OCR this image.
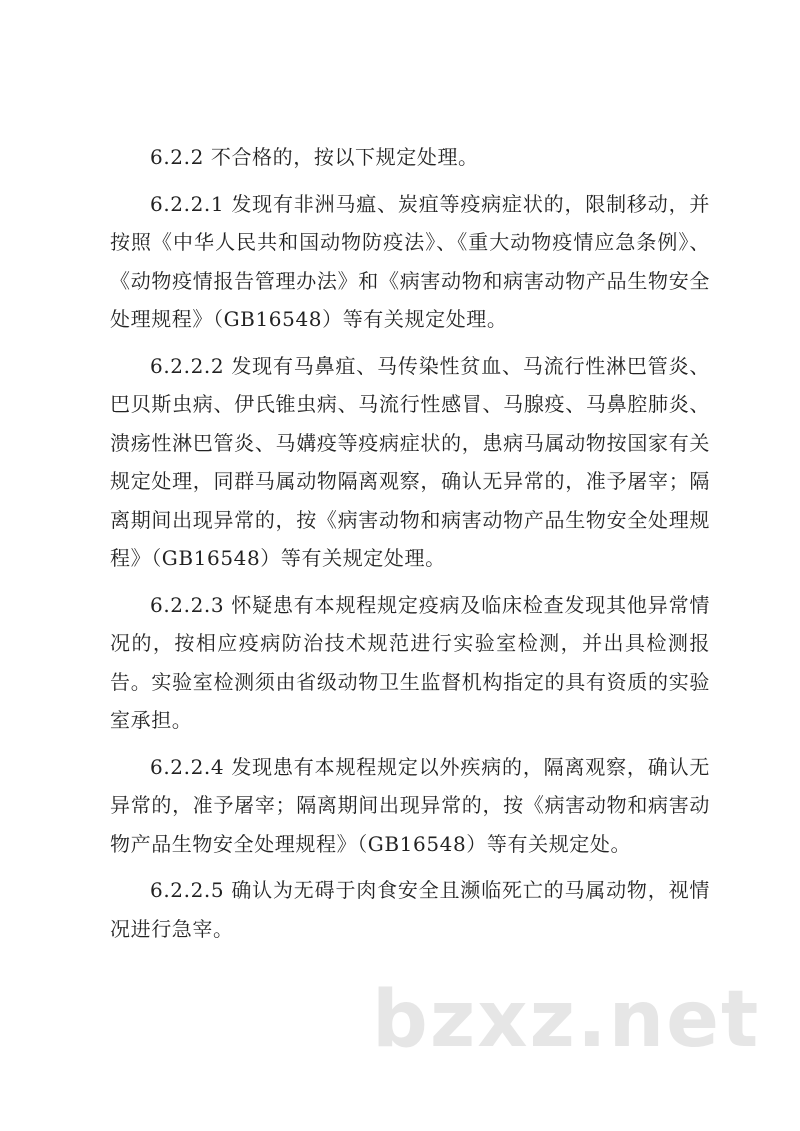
6.2.2 不合格的，按以下规定处理。

6.2.2.1 发现有非洲马瘟、炭疽等疫病症状的，限制移动，并按照《中华人民共和国动物防疫法》、《重大动物疫情应急条例》、《动物疫情报告管理办法》和《病害动物和病害动物产品生物安全处理规程》（GB16548）等有关规定处理。

6.2.2.2 发现有马鼻疽、马传染性贫血、马流行性淋巴管炎、巴贝斯虫病、伊氏锥虫病、马流行性感冒、马腺疫、马鼻腔肺炎、溃疡性淋巴管炎、马媾疫等疫病症状的，患病马属动物按国家有关规定处理，同群马属动物隔离观察，确认无异常的，准予屠宰；隔离期间出现异常的，按《病害动物和病害动物产品生物安全处理规程》（GB16548）等有关规定处理。

6.2.2.3 怀疑患有本规程规定疫病及临床检查发现其他异常情况的，按相应疫病防治技术规范进行实验室检测，并出具检测报告。实验室检测须由省级动物卫生监督机构指定的具有资质的实验室承担。

6.2.2.4 发现患有本规程规定以外疾病的，隔离观察，确认无异常的，准予屠宰；隔离期间出现异常的，按《病害动物和病害动物产品生物安全处理规程》（GB16548）等有关规定处。

6.2.2.5 确认为无碍于肉食安全且濒临死亡的马属动物，视情况进行急宰。

bzxz.net
